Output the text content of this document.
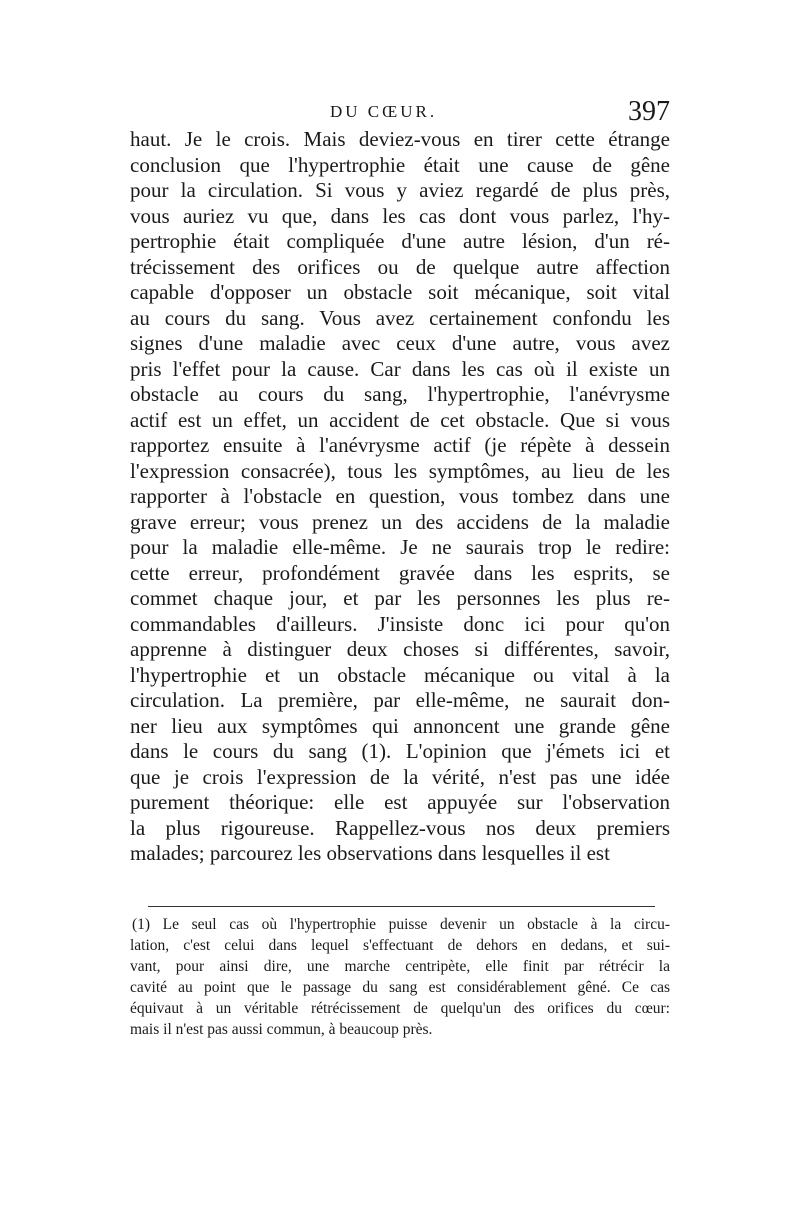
DU CŒUR.	397
haut. Je le crois. Mais deviez-vous en tirer cette étrange
conclusion que l'hypertrophie était une cause de gêne
pour la circulation. Si vous y aviez regardé de plus près,
vous auriez vu que, dans les cas dont vous parlez, l'hy-
pertrophie était compliquée d'une autre lésion, d'un ré-
trécissement des orifices ou de quelque autre affection
capable d'opposer un obstacle soit mécanique, soit vital
au cours du sang. Vous avez certainement confondu les
signes d'une maladie avec ceux d'une autre, vous avez
pris l'effet pour la cause. Car dans les cas où il existe un
obstacle au cours du sang, l'hypertrophie, l'anévrysme
actif est un effet, un accident de cet obstacle. Que si vous
rapportez ensuite à l'anévrysme actif (je répète à dessein
l'expression consacrée), tous les symptômes, au lieu de les
rapporter à l'obstacle en question, vous tombez dans une
grave erreur; vous prenez un des accidens de la maladie
pour la maladie elle-même. Je ne saurais trop le redire:
cette erreur, profondément gravée dans les esprits, se
commet chaque jour, et par les personnes les plus re-
commandables d'ailleurs. J'insiste donc ici pour qu'on
apprenne à distinguer deux choses si différentes, savoir,
l'hypertrophie et un obstacle mécanique ou vital à la
circulation. La première, par elle-même, ne saurait don-
ner lieu aux symptômes qui annoncent une grande gêne
dans le cours du sang (1). L'opinion que j'émets ici et
que je crois l'expression de la vérité, n'est pas une idée
purement théorique: elle est appuyée sur l'observation
la plus rigoureuse. Rappellez-vous nos deux premiers
malades; parcourez les observations dans lesquelles il est
(1) Le seul cas où l'hypertrophie puisse devenir un obstacle à la circu-
lation, c'est celui dans lequel s'effectuant de dehors en dedans, et sui-
vant, pour ainsi dire, une marche centripète, elle finit par rétrécir la
cavité au point que le passage du sang est considérablement gêné. Ce cas
équivaut à un véritable rétrécissement de quelqu'un des orifices du cœur:
mais il n'est pas aussi commun, à beaucoup près.
